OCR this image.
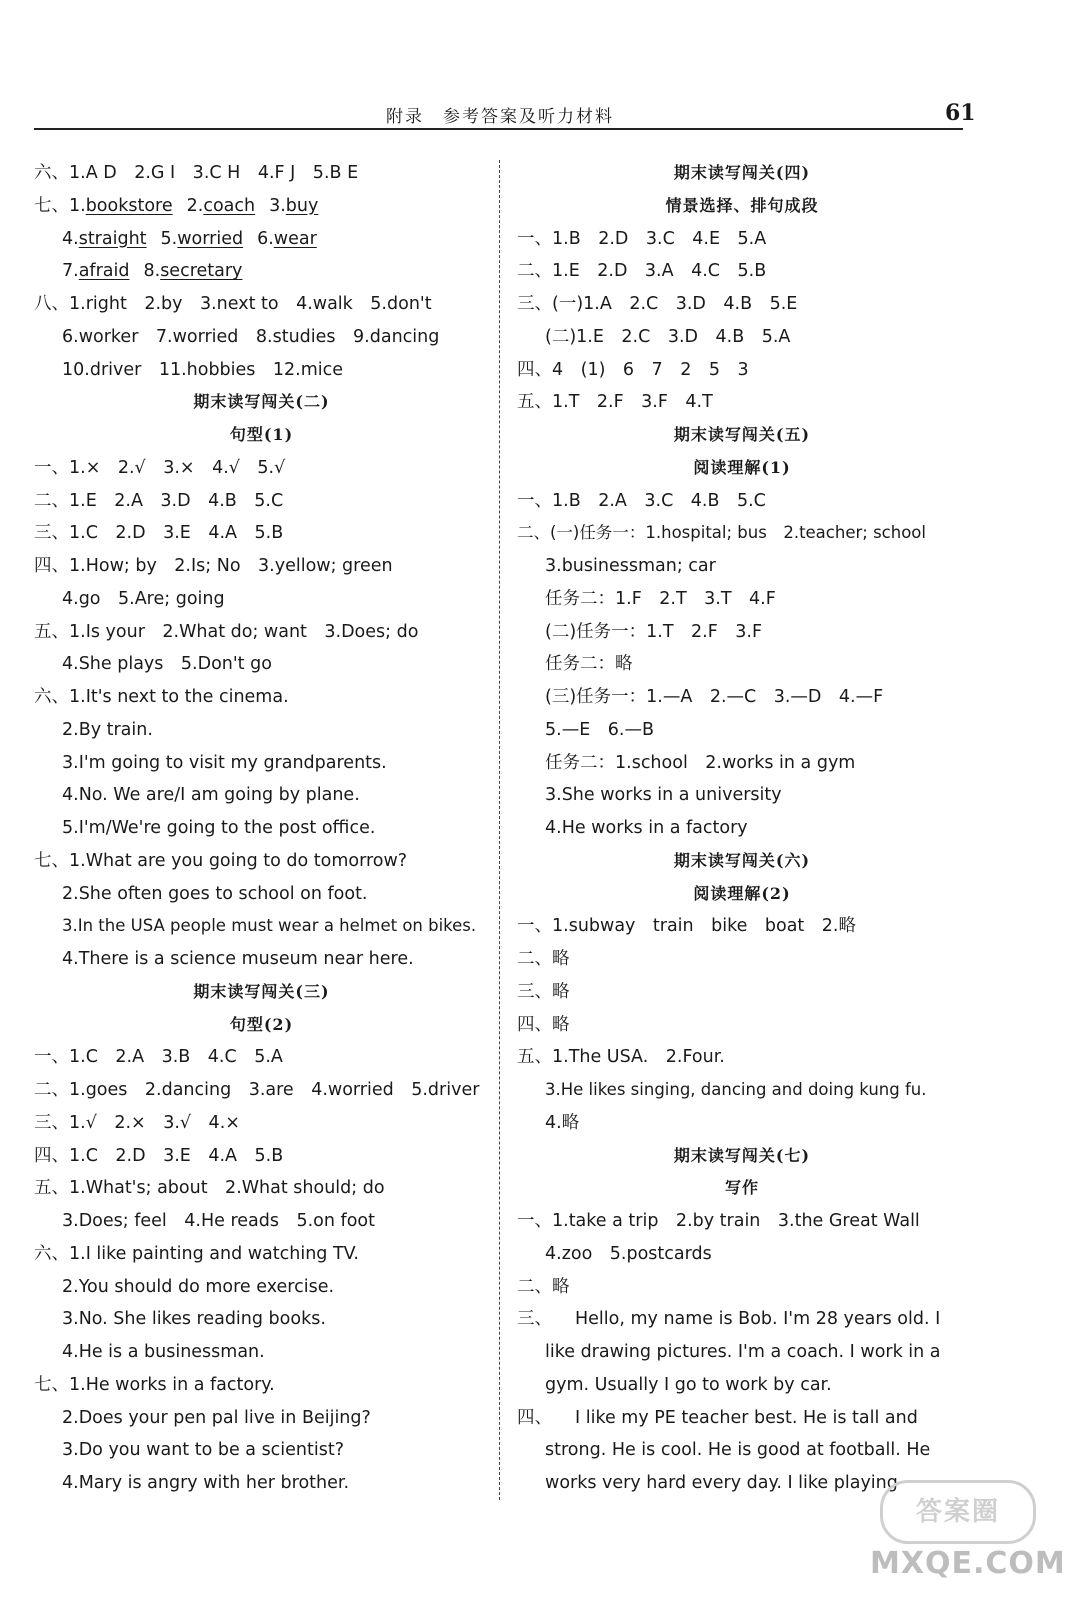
附录　参考答案及听力材料	61
六、1.A D　2.G I　3.C H　4.F J　5.B E
七、1.bookstore 2.coach 3.buy
4.straight 5.worried 6.wear
7.afraid 8.secretary
八、1.right　2.by　3.next to　4.walk　5.don't
6.worker　7.worried　8.studies　9.dancing
10.driver　11.hobbies　12.mice
期末读写闯关(二)
句型(1)
一、1.×　2.√　3.×　4.√　5.√
二、1.E　2.A　3.D　4.B　5.C
三、1.C　2.D　3.E　4.A　5.B
四、1.How; by　2.Is; No　3.yellow; green
4.go　5.Are; going
五、1.Is your　2.What do; want　3.Does; do
4.She plays　5.Don't go
六、1.It's next to the cinema.
2.By train.
3.I'm going to visit my grandparents.
4.No. We are/I am going by plane.
5.I'm/We're going to the post office.
七、1.What are you going to do tomorrow?
2.She often goes to school on foot.
3.In the USA people must wear a helmet on bikes.
4.There is a science museum near here.
期末读写闯关(三)
句型(2)
一、1.C　2.A　3.B　4.C　5.A
二、1.goes　2.dancing　3.are　4.worried　5.driver
三、1.√　2.×　3.√　4.×
四、1.C　2.D　3.E　4.A　5.B
五、1.What's; about　2.What should; do
3.Does; feel　4.He reads　5.on foot
六、1.I like painting and watching TV.
2.You should do more exercise.
3.No. She likes reading books.
4.He is a businessman.
七、1.He works in a factory.
2.Does your pen pal live in Beijing?
3.Do you want to be a scientist?
4.Mary is angry with her brother.
期末读写闯关(四)
情景选择、排句成段
一、1.B　2.D　3.C　4.E　5.A
二、1.E　2.D　3.A　4.C　5.B
三、(一)1.A　2.C　3.D　4.B　5.E
(二)1.E　2.C　3.D　4.B　5.A
四、4　(1)　6　7　2　5　3
五、1.T　2.F　3.F　4.T
期末读写闯关(五)
阅读理解(1)
一、1.B　2.A　3.C　4.B　5.C
二、(一)任务一：1.hospital; bus　2.teacher; school
3.businessman; car
任务二：1.F　2.T　3.T　4.F
(二)任务一：1.T　2.F　3.F
任务二：略
(三)任务一：1.—A　2.—C　3.—D　4.—F
5.—E　6.—B
任务二：1.school　2.works in a gym
3.She works in a university
4.He works in a factory
期末读写闯关(六)
阅读理解(2)
一、1.subway　train　bike　boat　2.略
二、略
三、略
四、略
五、1.The USA.　2.Four.
3.He likes singing, dancing and doing kung fu.
4.略
期末读写闯关(七)
写作
一、1.take a trip　2.by train　3.the Great Wall
4.zoo　5.postcards
二、略
三、 Hello, my name is Bob. I'm 28 years old. I
like drawing pictures. I'm a coach. I work in a
gym. Usually I go to work by car.
四、 I like my PE teacher best. He is tall and
strong. He is cool. He is good at football. He
works very hard every day. I like playing
答案圈
MXQE.COM
